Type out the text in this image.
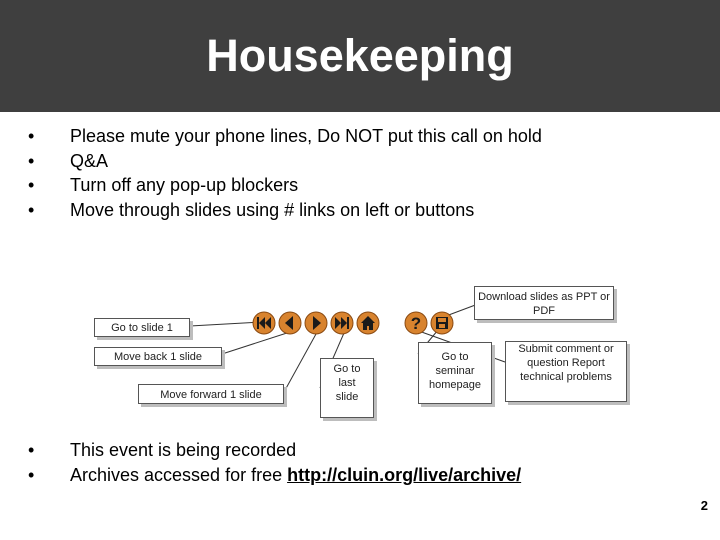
Housekeeping
• Please mute your phone lines, Do NOT put this call on hold
• Q&A
• Turn off any pop-up blockers
• Move through slides using # links on left or buttons
?
Download slides as PPT or PDF
Go to slide 1
Move back 1 slide
Move forward 1 slide
Go to last slide
Go to seminar homepage
Submit comment or question Report technical problems
• This event is being recorded
• Archives accessed for free http://cluin.org/live/archive/
2
